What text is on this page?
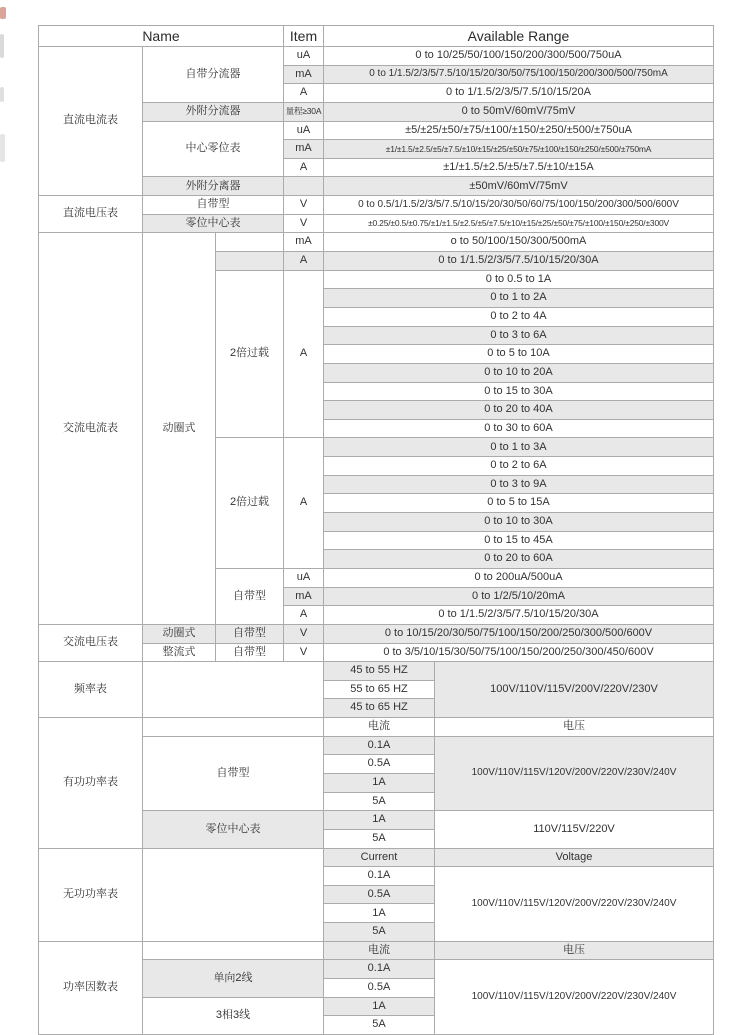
Name			Item	Available Range	
直流电流表	自带分流器		uA	0 to 10/25/50/100/150/200/300/500/750uA	
			mA	0 to 1/1.5/2/3/5/7.5/10/15/20/30/50/75/100/150/200/300/500/750mA	
			A	0 to 1/1.5/2/3/5/7.5/10/15/20A	
	外附分流器		量程≥30A	0 to 50mV/60mV/75mV	
	中心零位表		uA	±5/±25/±50/±75/±100/±150/±250/±500/±750uA	
			mA	±1/±1.5/±2.5/±5/±7.5/±10/±15/±25/±50/±75/±100/±150/±250/±500/±750mA	
			A	±1/±1.5/±2.5/±5/±7.5/±10/±15A	
	外附分离器			±50mV/60mV/75mV	
直流电压表	自带型		V	0 to 0.5/1/1.5/2/3/5/7.5/10/15/20/30/50/60/75/100/150/200/300/500/600V	
	零位中心表		V	±0.25/±0.5/±0.75/±1/±1.5/±2.5/±5/±7.5/±10/±15/±25/±50/±75/±100/±150/±250/±300V	
交流电流表	动圈式		mA	o to 50/100/150/300/500mA	
			A	0 to 1/1.5/2/3/5/7.5/10/15/20/30A	
		2倍过载	A	0 to 0.5 to 1A	
				0 to 1 to 2A	
				0 to 2 to 4A	
				0 to 3 to 6A	
				0 to 5 to 10A	
				0 to 10 to 20A	
				0 to 15 to 30A	
				0 to 20 to 40A	
				0 to 30 to 60A	
		2倍过载	A	0 to 1 to 3A	
				0 to 2 to 6A	
				0 to 3 to 9A	
				0 to 5 to 15A	
				0 to 10 to 30A	
				0 to 15 to 45A	
				0 to 20 to 60A	
		自带型	uA	0 to 200uA/500uA	
			mA	0 to 1/2/5/10/20mA	
			A	0 to 1/1.5/2/3/5/7.5/10/15/20/30A	
交流电压表	动圈式	自带型	V	0 to 10/15/20/30/50/75/100/150/200/250/300/500/600V	
	整流式	自带型	V	0 to 3/5/10/15/30/50/75/100/150/200/250/300/450/600V	
频率表				45 to 55 HZ	100V/110V/115V/200V/220V/230V
				55 to 65 HZ	
				45 to 65 HZ	
有功功率表				电流	电压
	自带型			0.1A	100V/110V/115V/120V/200V/220V/230V/240V
				0.5A	
				1A	
				5A	
	零位中心表			1A	110V/115V/220V
				5A	
无功功率表				Current	Voltage
				0.1A	100V/110V/115V/120V/200V/220V/230V/240V
				0.5A	
				1A	
				5A	
功率因数表				电流	电压
	单向2线			0.1A	100V/110V/115V/120V/200V/220V/230V/240V
				0.5A	
	3相3线			1A	
				5A	
